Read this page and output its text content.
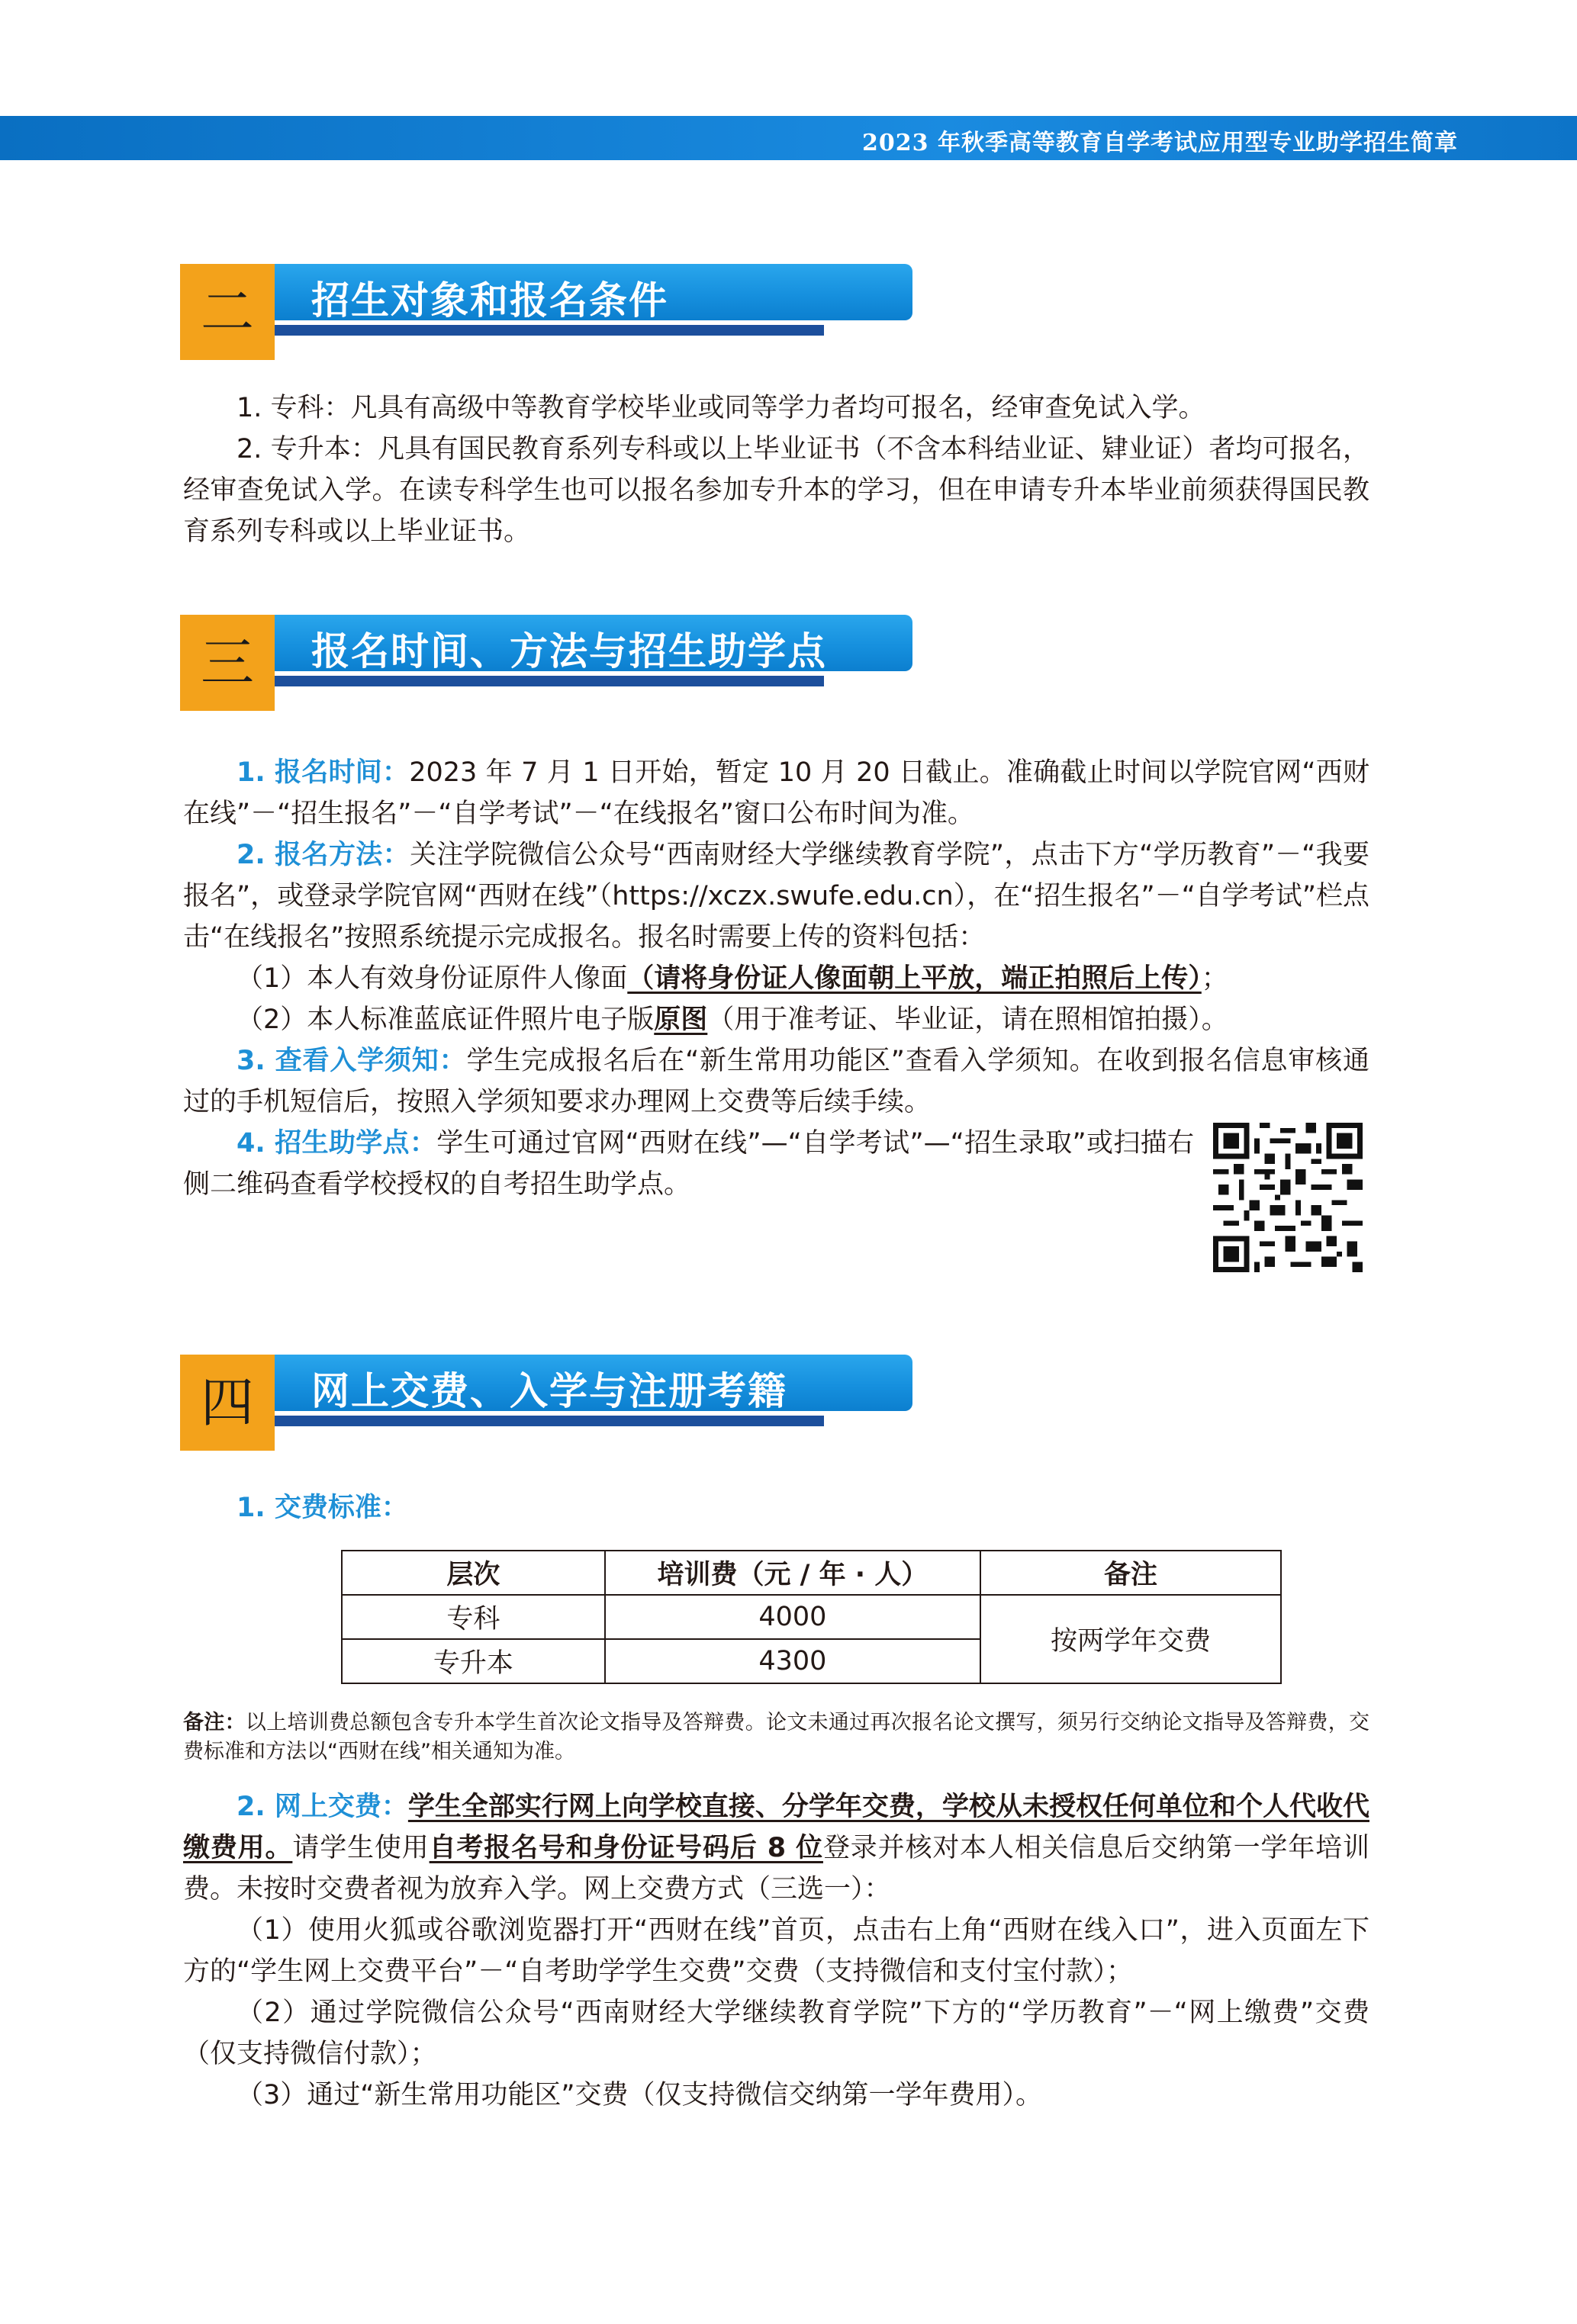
2023 年秋季高等教育自学考试应用型专业助学招生简章
二	招生对象和报名条件

1. 专科：凡具有高级中等教育学校毕业或同等学力者均可报名，经审查免试入学。

2. 专升本：凡具有国民教育系列专科或以上毕业证书（不含本科结业证、肄业证）者均可报名，经审查免试入学。在读专科学生也可以报名参加专升本的学习，但在申请专升本毕业前须获得国民教育系列专科或以上毕业证书。

三	报名时间、方法与招生助学点

1. 报名时间：2023 年 7 月 1 日开始，暂定 10 月 20 日截止。准确截止时间以学院官网“西财在线”－“招生报名”－“自学考试”－“在线报名”窗口公布时间为准。

2. 报名方法：关注学院微信公众号“西南财经大学继续教育学院”，点击下方“学历教育”－“我要报名”，或登录学院官网“西财在线”（https://xczx.swufe.edu.cn），在“招生报名”－“自学考试”栏点击“在线报名”按照系统提示完成报名。报名时需要上传的资料包括：

（1）本人有效身份证原件人像面（请将身份证人像面朝上平放，端正拍照后上传）；

（2）本人标准蓝底证件照片电子版原图（用于准考证、毕业证，请在照相馆拍摄）。

3. 查看入学须知：学生完成报名后在“新生常用功能区”查看入学须知。在收到报名信息审核通过的手机短信后，按照入学须知要求办理网上交费等后续手续。

4. 招生助学点：学生可通过官网“西财在线”—“自学考试”—“招生录取”或扫描右侧二维码查看学校授权的自考招生助学点。

四	网上交费、入学与注册考籍

1. 交费标准：

层次	培训费（元 / 年 · 人）	备注
专科	4000	按两学年交费
专升本	4300	
备注：以上培训费总额包含专升本学生首次论文指导及答辩费。论文未通过再次报名论文撰写，须另行交纳论文指导及答辩费，交费标准和方法以“西财在线”相关通知为准。

2. 网上交费：学生全部实行网上向学校直接、分学年交费，学校从未授权任何单位和个人代收代缴费用。请学生使用自考报名号和身份证号码后 8 位登录并核对本人相关信息后交纳第一学年培训费。未按时交费者视为放弃入学。网上交费方式（三选一）：

（1）使用火狐或谷歌浏览器打开“西财在线”首页，点击右上角“西财在线入口”，进入页面左下方的“学生网上交费平台”－“自考助学学生交费”交费（支持微信和支付宝付款）；

（2）通过学院微信公众号“西南财经大学继续教育学院”下方的“学历教育”－“网上缴费”交费（仅支持微信付款）；

（3）通过“新生常用功能区”交费（仅支持微信交纳第一学年费用）。
